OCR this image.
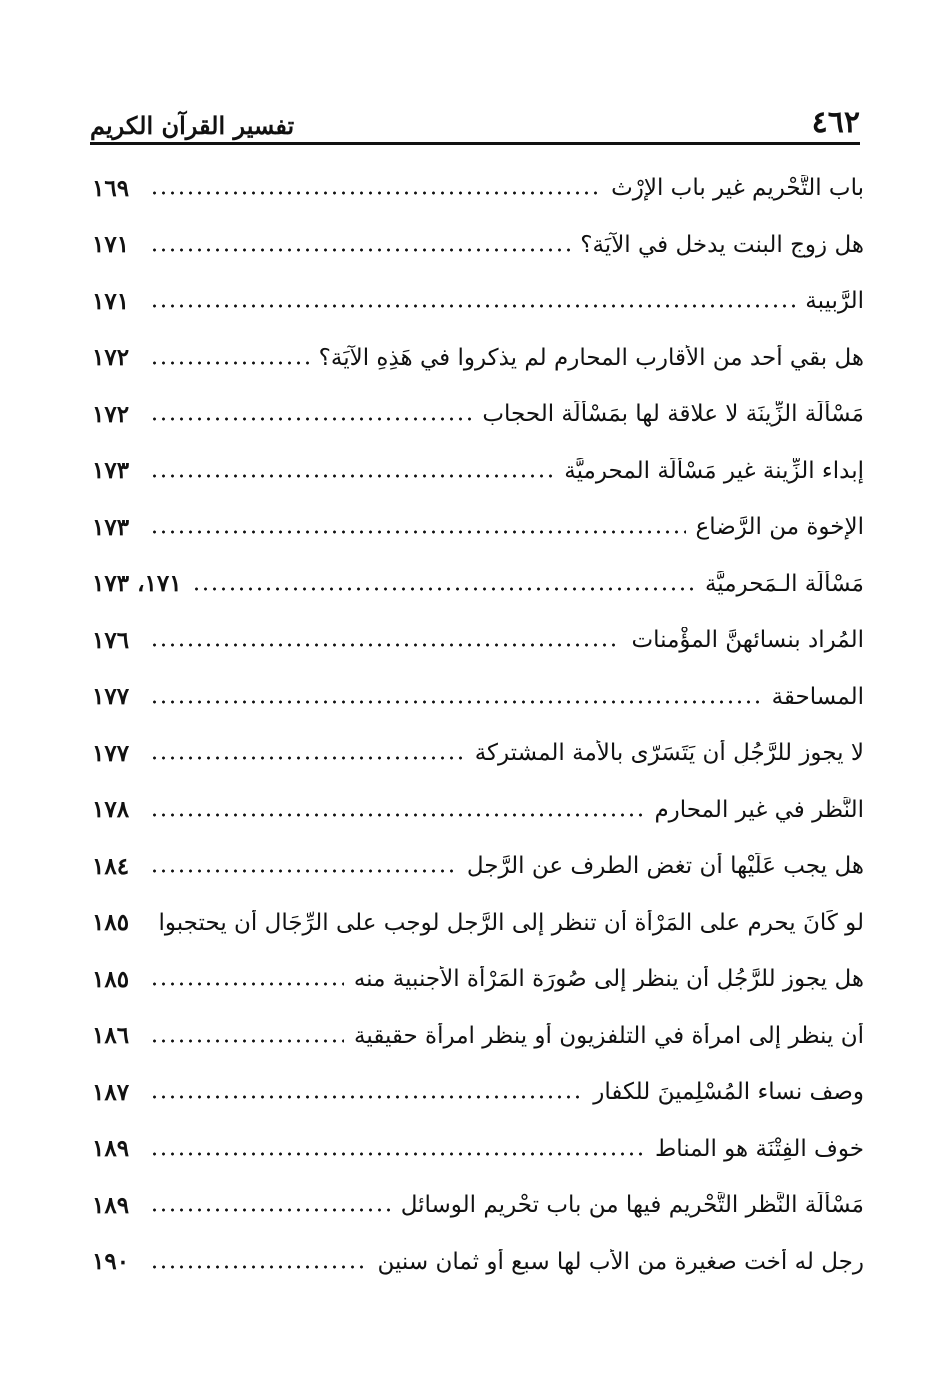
٤٦٢
تفسير القرآن الكريم
باب التَّحْرِيم غير باب الإرْث
١٦٩
هل زوج البنت يدخل في الآيَة؟
١٧١
الرَّبيبة
١٧١
هل بقي أحد من الأقارب المحارِم لم يذكروا في هَذِهِ الآيَة؟
١٧٢
مَسْأَلَة الزِّينَة لا علاقة لها بمَسْأَلَة الحجاب
١٧٢
إبداء الزِّينة غير مَسْأَلَة المحرميَّة
١٧٣
الإخوة من الرَّضاع
١٧٣
مَسْأَلَة الـمَحرميَّة
١٧١، ١٧٣
المُراد بنسائهنَّ المؤْمنات
١٧٦
المساحقة
١٧٧
لا يجوز للرَّجُلِ أن يَتَسَرّى بالأمة المشتركة
١٧٧
النَّظر في غير المحارِم
١٧٨
هل يجب عَلَيْها أن تغض الطرف عن الرَّجل
١٨٤
لو كَانَ يحرم على المَرْأَة أن تنظر إلى الرَّجل لوجب على الرِّجَال أن يحتجبوا
١٨٥
هل يجوز للرَّجُلِ أن ينظر إلى صُورَة المَرْأَة الأجنبية منه
١٨٥
أن ينظر إلى امرأة في التلفزيون أو ينظر امرأة حقيقية
١٨٦
وصف نساء المُسْلِمينَ للكفار
١٨٧
خوف الفِتْنَة هو المناط
١٨٩
مَسْأَلَة النَّظر التَّحْرِيم فيها من باب تحْرِيم الوسائل
١٨٩
رجل له أخت صغيرة من الأَب لها سبع أو ثمان سنين
١٩٠
